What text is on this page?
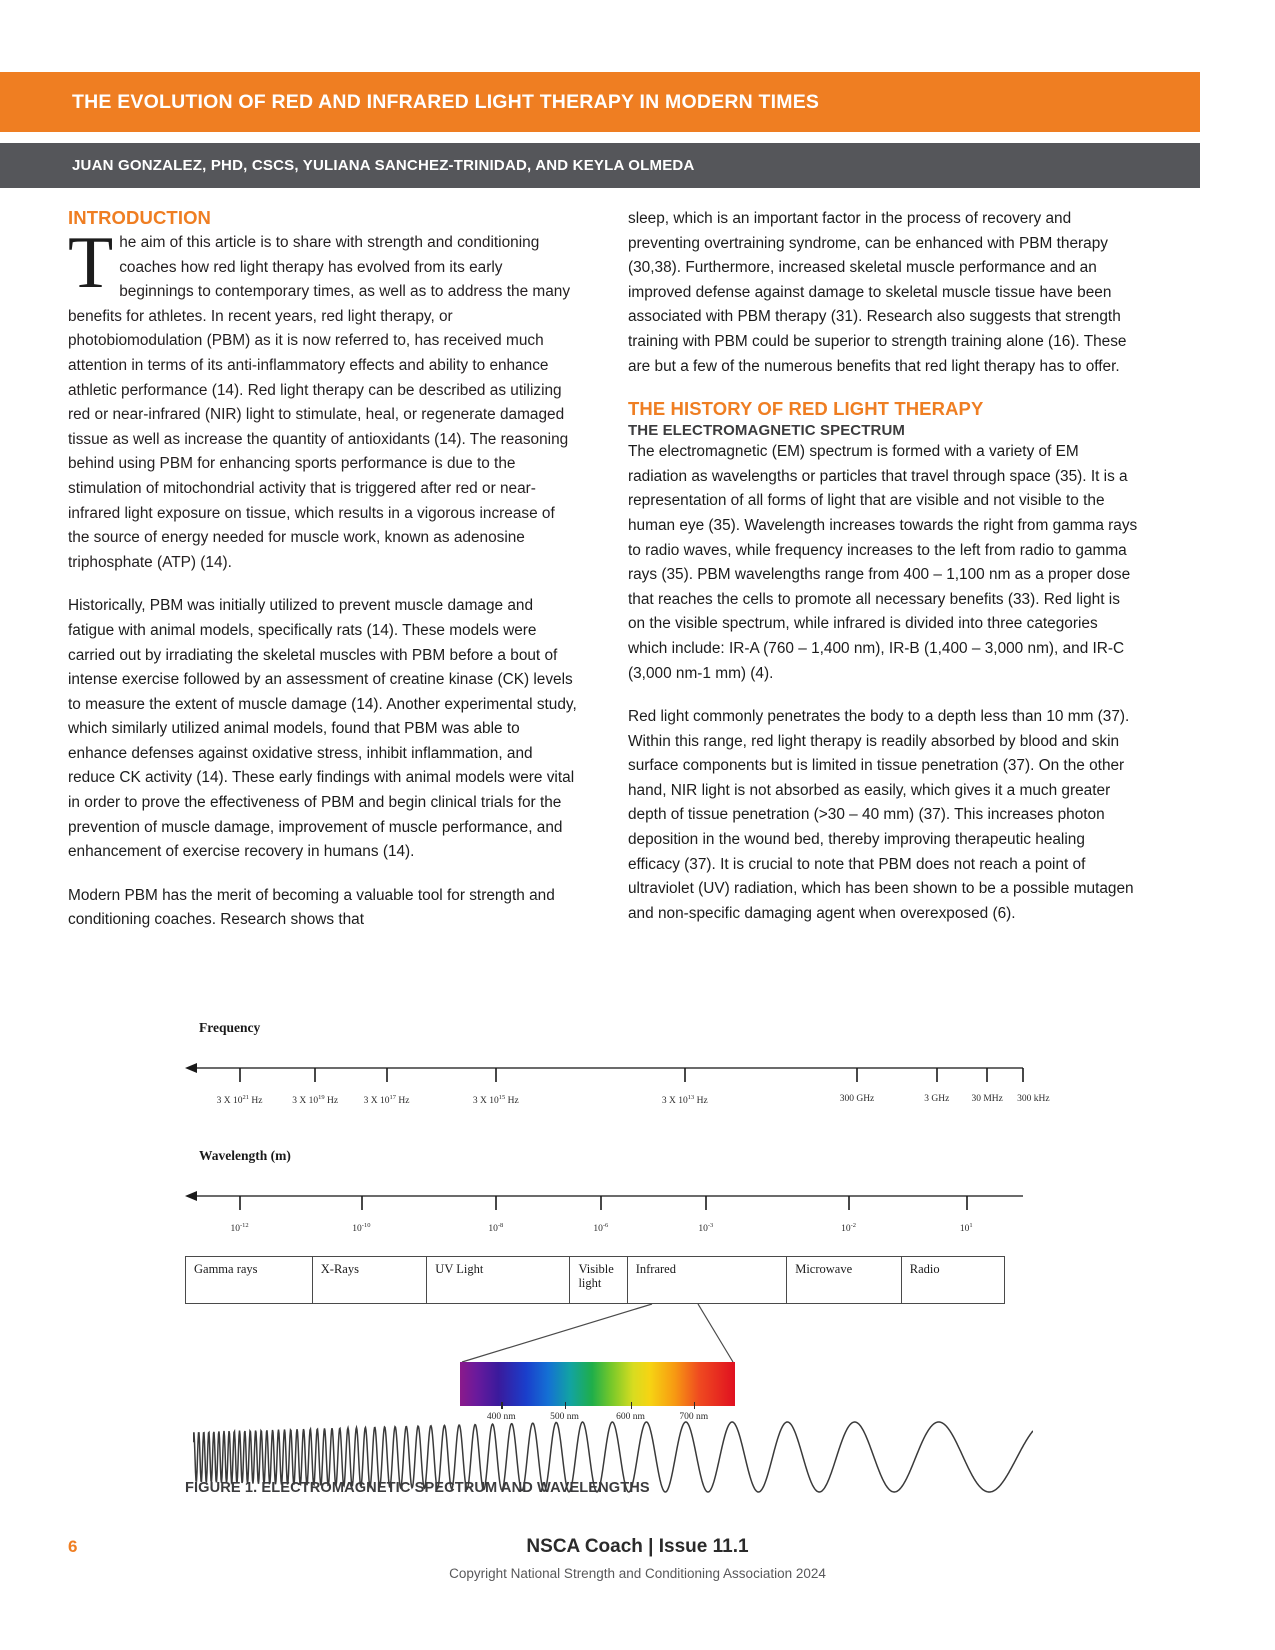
THE EVOLUTION OF RED AND INFRARED LIGHT THERAPY IN MODERN TIMES
JUAN GONZALEZ, PHD, CSCS, YULIANA SANCHEZ-TRINIDAD, AND KEYLA OLMEDA
INTRODUCTION
The aim of this article is to share with strength and conditioning coaches how red light therapy has evolved from its early beginnings to contemporary times, as well as to address the many benefits for athletes. In recent years, red light therapy, or photobiomodulation (PBM) as it is now referred to, has received much attention in terms of its anti-inflammatory effects and ability to enhance athletic performance (14). Red light therapy can be described as utilizing red or near-infrared (NIR) light to stimulate, heal, or regenerate damaged tissue as well as increase the quantity of antioxidants (14). The reasoning behind using PBM for enhancing sports performance is due to the stimulation of mitochondrial activity that is triggered after red or near-infrared light exposure on tissue, which results in a vigorous increase of the source of energy needed for muscle work, known as adenosine triphosphate (ATP) (14).

Historically, PBM was initially utilized to prevent muscle damage and fatigue with animal models, specifically rats (14). These models were carried out by irradiating the skeletal muscles with PBM before a bout of intense exercise followed by an assessment of creatine kinase (CK) levels to measure the extent of muscle damage (14). Another experimental study, which similarly utilized animal models, found that PBM was able to enhance defenses against oxidative stress, inhibit inflammation, and reduce CK activity (14). These early findings with animal models were vital in order to prove the effectiveness of PBM and begin clinical trials for the prevention of muscle damage, improvement of muscle performance, and enhancement of exercise recovery in humans (14).

Modern PBM has the merit of becoming a valuable tool for strength and conditioning coaches. Research shows that

sleep, which is an important factor in the process of recovery and preventing overtraining syndrome, can be enhanced with PBM therapy (30,38). Furthermore, increased skeletal muscle performance and an improved defense against damage to skeletal muscle tissue have been associated with PBM therapy (31). Research also suggests that strength training with PBM could be superior to strength training alone (16). These are but a few of the numerous benefits that red light therapy has to offer.

THE HISTORY OF RED LIGHT THERAPY
THE ELECTROMAGNETIC SPECTRUM

The electromagnetic (EM) spectrum is formed with a variety of EM radiation as wavelengths or particles that travel through space (35). It is a representation of all forms of light that are visible and not visible to the human eye (35). Wavelength increases towards the right from gamma rays to radio waves, while frequency increases to the left from radio to gamma rays (35). PBM wavelengths range from 400 – 1,100 nm as a proper dose that reaches the cells to promote all necessary benefits (33). Red light is on the visible spectrum, while infrared is divided into three categories which include: IR-A (760 – 1,400 nm), IR-B (1,400 – 3,000 nm), and IR-C (3,000 nm-1 mm) (4).

Red light commonly penetrates the body to a depth less than 10 mm (37). Within this range, red light therapy is readily absorbed by blood and skin surface components but is limited in tissue penetration (37). On the other hand, NIR light is not absorbed as easily, which gives it a much greater depth of tissue penetration (>30 – 40 mm) (37). This increases photon deposition in the wound bed, thereby improving therapeutic healing efficacy (37). It is crucial to note that PBM does not reach a point of ultraviolet (UV) radiation, which has been shown to be a possible mutagen and non-specific damaging agent when overexposed (6).

Frequency
3 X $10^{21}$ Hz	3 X $10^{19}$ Hz	3 X $10^{17}$ Hz	3 X $10^{15}$ Hz	3 X $10^{13}$ Hz	300 GHz	3 GHz 30 MHz 300 kHz
Wavelength (m)
$10^{-12}$	$10^{-10}$	$10^{-8}$	$10^{-6}$	$10^{-3}$	$10^{-2}$	$10^1$
Gamma rays	X-Rays	UV Light	Visible light
Infrared	Microwave	Radio
400 nm	500 nm	600 nm	700 nm
FIGURE 1. ELECTROMAGNETIC SPECTRUM AND WAVELENGTHS
6	NSCA Coach | Issue 11.1
Copyright National Strength and Conditioning Association 2024
